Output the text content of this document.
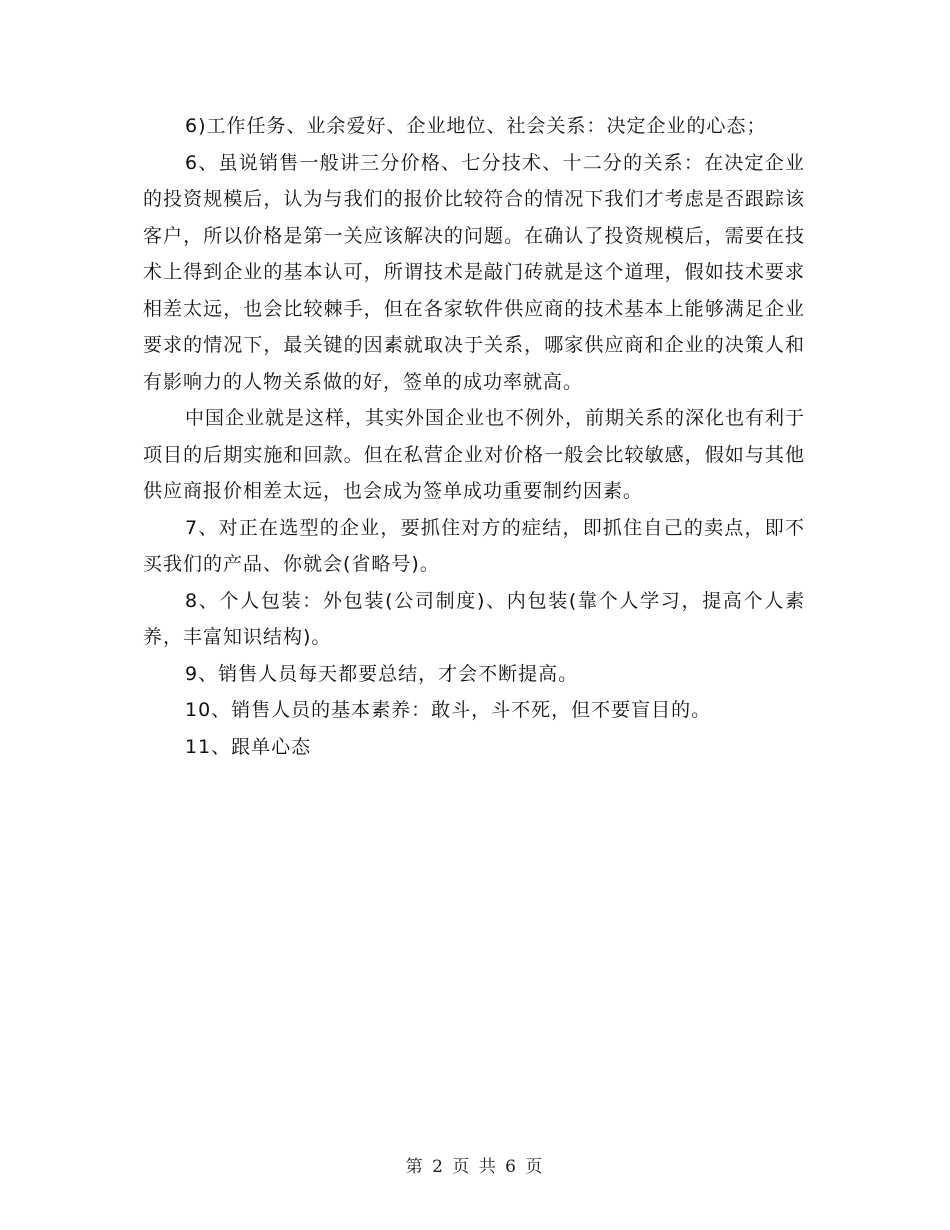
6)工作任务、业余爱好、企业地位、社会关系：决定企业的心态；

6、虽说销售一般讲三分价格、七分技术、十二分的关系：在决定企业的投资规模后，认为与我们的报价比较符合的情况下我们才考虑是否跟踪该客户，所以价格是第一关应该解决的问题。在确认了投资规模后，需要在技术上得到企业的基本认可，所谓技术是敲门砖就是这个道理，假如技术要求相差太远，也会比较棘手，但在各家软件供应商的技术基本上能够满足企业要求的情况下，最关键的因素就取决于关系，哪家供应商和企业的决策人和有影响力的人物关系做的好，签单的成功率就高。

中国企业就是这样，其实外国企业也不例外，前期关系的深化也有利于项目的后期实施和回款。但在私营企业对价格一般会比较敏感，假如与其他供应商报价相差太远，也会成为签单成功重要制约因素。

7、对正在选型的企业，要抓住对方的症结，即抓住自己的卖点，即不买我们的产品、你就会(省略号)。

8、个人包装：外包装(公司制度)、内包装(靠个人学习，提高个人素养，丰富知识结构)。

9、销售人员每天都要总结，才会不断提高。

10、销售人员的基本素养：敢斗，斗不死，但不要盲目的。

11、跟单心态

第 2 页 共 6 页
